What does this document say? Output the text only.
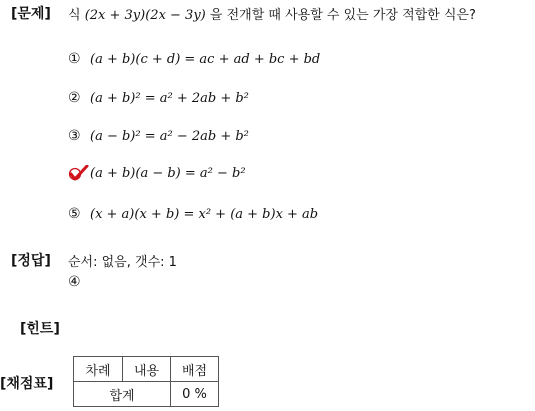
[문제] 식 (2x + 3y)(2x − 3y) 을 전개할 때 사용할 수 있는 가장 적합한 식은?
① (a + b)(c + d) = ac + ad + bc + bd
② (a + b)² = a² + 2ab + b²
③ (a − b)² = a² − 2ab + b²
(a + b)(a − b) = a² − b²
⑤ (x + a)(x + b) = x² + (a + b)x + ab
[정답] 순서: 없음, 갯수: 1
④
[힌트]
[채점표]
차례	내용	배점
합계		0 %
